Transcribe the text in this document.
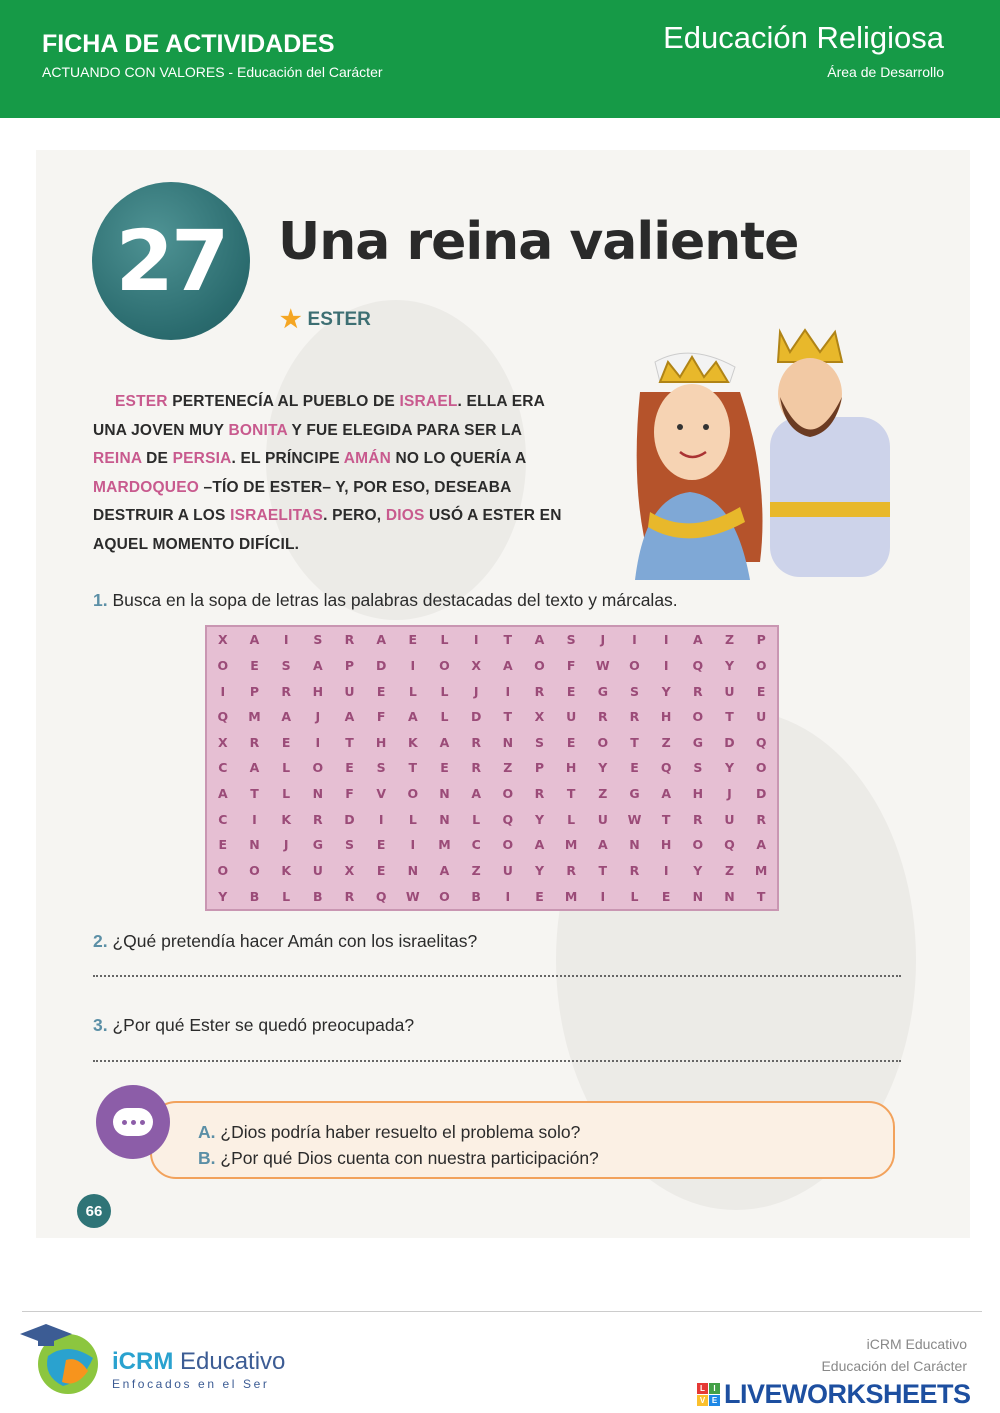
FICHA DE ACTIVIDADES
ACTUANDO CON VALORES - Educación del Carácter
Educación Religiosa
Área de Desarrollo
27 Una reina valiente
★ ESTER
ESTER PERTENECÍA AL PUEBLO DE ISRAEL. ELLA ERA
UNA JOVEN MUY BONITA Y FUE ELEGIDA PARA SER LA
REINA DE PERSIA. EL PRÍNCIPE AMÁN NO LO QUERÍA A
MARDOQUEO –TÍO DE ESTER– Y, POR ESO, DESEABA
DESTRUIR A LOS ISRAELITAS. PERO, DIOS USÓ A ESTER EN
AQUEL MOMENTO DIFÍCIL.
1. Busca en la sopa de letras las palabras destacadas del texto y márcalas.
X	A	I	S	R	A	E	L	I	T	A	S	J	I	I	A	Z	P
O	E	S	A	P	D	I	O	X	A	O	F	W	O	I	Q	Y	O
I	P	R	H	U	E	L	L	J	I	R	E	G	S	Y	R	U	E
Q	M	A	J	A	F	A	L	D	T	X	U	R	R	H	O	T	U
X	R	E	I	T	H	K	A	R	N	S	E	O	T	Z	G	D	Q
C	A	L	O	E	S	T	E	R	Z	P	H	Y	E	Q	S	Y	O
A	T	L	N	F	V	O	N	A	O	R	T	Z	G	A	H	J	D
C	I	K	R	D	I	L	N	L	Q	Y	L	U	W	T	R	U	R
E	N	J	G	S	E	I	M	C	O	A	M	A	N	H	O	Q	A
O	O	K	U	X	E	N	A	Z	U	Y	R	T	R	I	Y	Z	M
Y	B	L	B	R	Q	W	O	B	I	E	M	I	L	E	N	N	T
2. ¿Qué pretendía hacer Amán con los israelitas?
3. ¿Por qué Ester se quedó preocupada?
A. ¿Dios podría haber resuelto el problema solo?
B. ¿Por qué Dios cuenta con nuestra participación?
66
iCRM Educativo
Enfocados en el Ser
iCRM Educativo
Educación del Carácter
L	I
V E LIVEWORKSHEETS
